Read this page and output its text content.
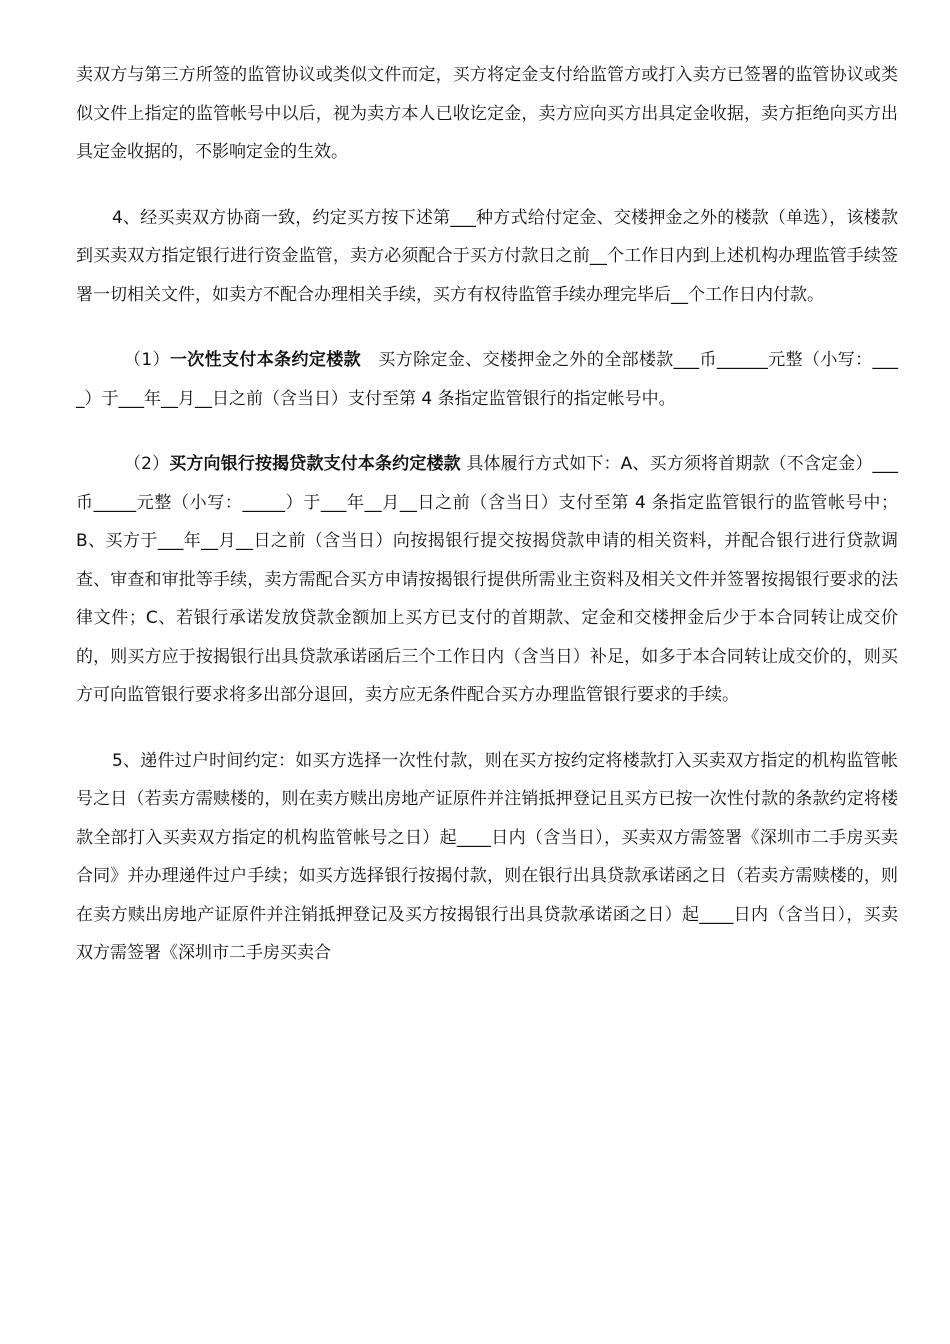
卖双方与第三方所签的监管协议或类似文件而定，买方将定金支付给监管方或打入卖方已签署的监管协议或类似文件上指定的监管帐号中以后，视为卖方本人已收讫定金，卖方应向买方出具定金收据，卖方拒绝向买方出具定金收据的，不影响定金的生效。

4、经买卖双方协商一致，约定买方按下述第___种方式给付定金、交楼押金之外的楼款（单选），该楼款到买卖双方指定银行进行资金监管，卖方必须配合于买方付款日之前__个工作日内到上述机构办理监管手续签署一切相关文件，如卖方不配合办理相关手续，买方有权待监管手续办理完毕后__个工作日内付款。

（1）一次性支付本条约定楼款　买方除定金、交楼押金之外的全部楼款___币______元整（小写：____）于___年__月__日之前（含当日）支付至第 4 条指定监管银行的指定帐号中。

（2）买方向银行按揭贷款支付本条约定楼款 具体履行方式如下：A、买方须将首期款（不含定金）___币_____元整（小写：_____）于___年__月__日之前（含当日）支付至第 4 条指定监管银行的监管帐号中；B、买方于___年__月__日之前（含当日）向按揭银行提交按揭贷款申请的相关资料，并配合银行进行贷款调查、审查和审批等手续，卖方需配合买方申请按揭银行提供所需业主资料及相关文件并签署按揭银行要求的法律文件；C、若银行承诺发放贷款金额加上买方已支付的首期款、定金和交楼押金后少于本合同转让成交价的，则买方应于按揭银行出具贷款承诺函后三个工作日内（含当日）补足，如多于本合同转让成交价的，则买方可向监管银行要求将多出部分退回，卖方应无条件配合买方办理监管银行要求的手续。

5、递件过户时间约定：如买方选择一次性付款，则在买方按约定将楼款打入买卖双方指定的机构监管帐号之日（若卖方需赎楼的，则在卖方赎出房地产证原件并注销抵押登记且买方已按一次性付款的条款约定将楼款全部打入买卖双方指定的机构监管帐号之日）起____日内（含当日），买卖双方需签署《深圳市二手房买卖合同》并办理递件过户手续；如买方选择银行按揭付款，则在银行出具贷款承诺函之日（若卖方需赎楼的，则在卖方赎出房地产证原件并注销抵押登记及买方按揭银行出具贷款承诺函之日）起____日内（含当日），买卖双方需签署《深圳市二手房买卖合
